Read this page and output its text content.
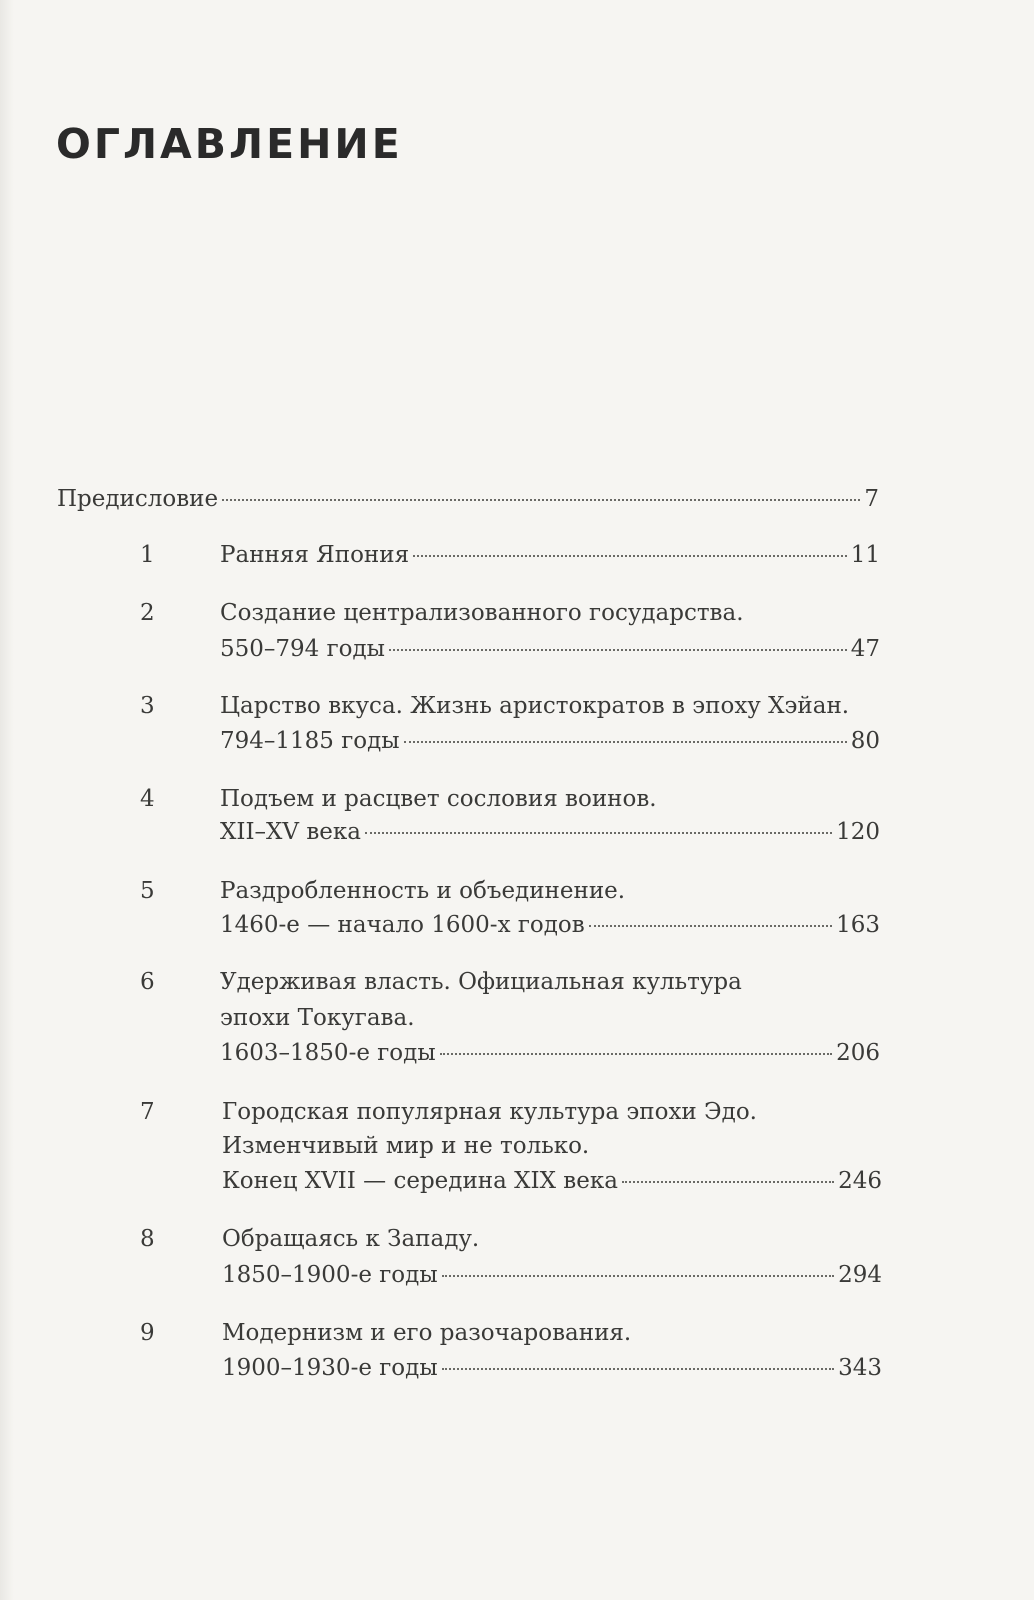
ОГЛАВЛЕНИЕ
Предисловие	7
1	Ранняя Япония	11
2	Создание централизованного государства.
550–794 годы	47
3	Царство вкуса. Жизнь аристократов в эпоху Хэйан.
794–1185 годы	80
4	Подъем и расцвет сословия воинов.
XII–XV века	120
5	Раздробленность и объединение.
1460-е — начало 1600-х годов	163
6	Удерживая власть. Официальная культура
эпохи Токугава.
1603–1850-е годы	206
7	Городская популярная культура эпохи Эдо.
Изменчивый мир и не только.
Конец XVII — середина XIX века	246
8	Обращаясь к Западу.
1850–1900-е годы	294
9	Модернизм и его разочарования.
1900–1930-е годы	343
